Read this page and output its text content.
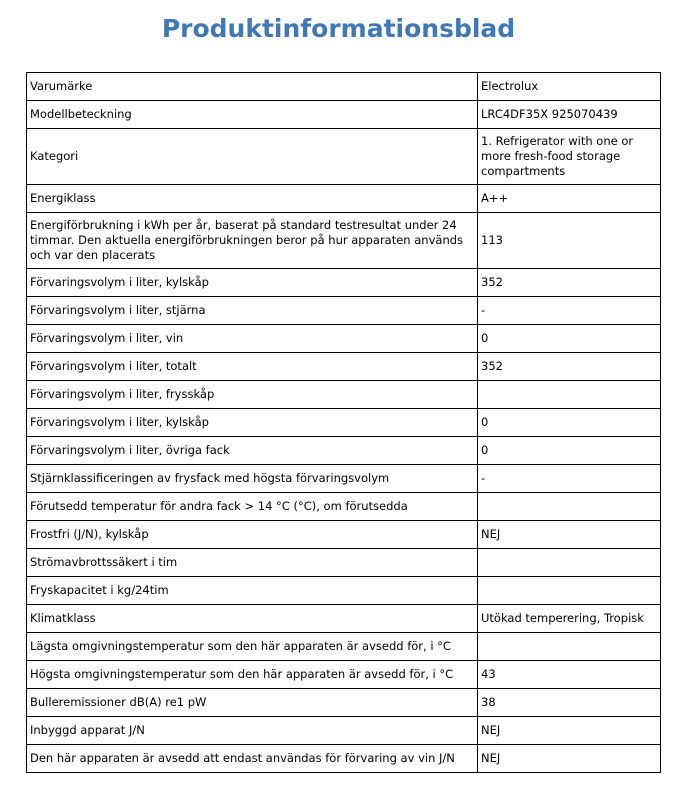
Produktinformationsblad
Varumärke	Electrolux
Modellbeteckning	LRC4DF35X 925070439
Kategori	1. Refrigerator with one or more fresh-food storage compartments
Energiklass	A++
Energiförbrukning i kWh per år, baserat på standard testresultat under 24 timmar. Den aktuella energiförbrukningen beror på hur apparaten används och var den placerats	113
Förvaringsvolym i liter, kylskåp	352
Förvaringsvolym i liter, stjärna	-
Förvaringsvolym i liter, vin	0
Förvaringsvolym i liter, totalt	352
Förvaringsvolym i liter, frysskåp	
Förvaringsvolym i liter, kylskåp	0
Förvaringsvolym i liter, övriga fack	0
Stjärnklassificeringen av frysfack med högsta förvaringsvolym	-
Förutsedd temperatur för andra fack > 14 °C (°C), om förutsedda	
Frostfri (J/N), kylskåp	NEJ
Strömavbrottssäkert i tim	
Fryskapacitet i kg/24tim	
Klimatklass	Utökad temperering, Tropisk
Lägsta omgivningstemperatur som den här apparaten är avsedd för, i °C	
Högsta omgivningstemperatur som den här apparaten är avsedd för, i °C	43
Bulleremissioner dB(A) re1 pW	38
Inbyggd apparat J/N	NEJ
Den här apparaten är avsedd att endast användas för förvaring av vin J/N	NEJ
